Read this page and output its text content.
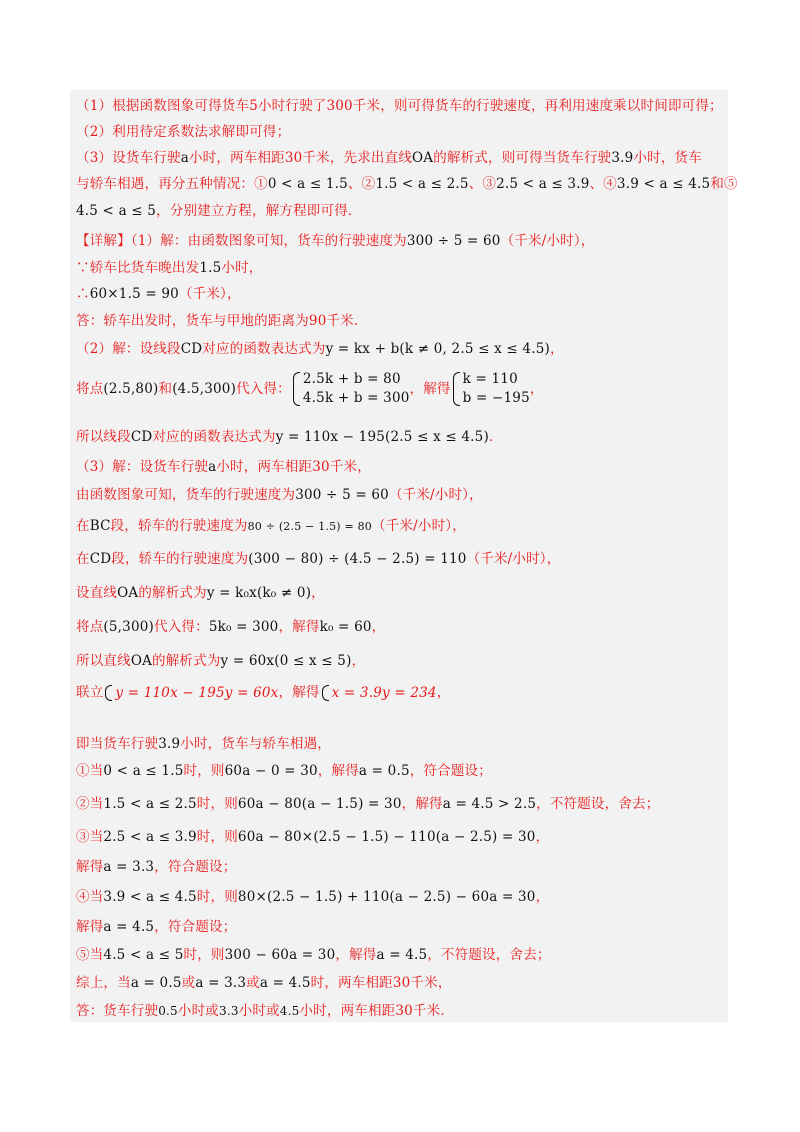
（1）根据函数图象可得货车5小时行驶了300千米，则可得货车的行驶速度，再利用速度乘以时间即可得；
（2）利用待定系数法求解即可得；
（3）设货车行驶a小时，两车相距30千米，先求出直线OA的解析式，则可得当货车行驶3.9小时，货车
与轿车相遇，再分五种情况：①0 < a ≤ 1.5、②1.5 < a ≤ 2.5、③2.5 < a ≤ 3.9、④3.9 < a ≤ 4.5和⑤
4.5 < a ≤ 5，分别建立方程，解方程即可得．
【详解】（1）解：由函数图象可知，货车的行驶速度为300 ÷ 5 = 60（千米/小时），
∵轿车比货车晚出发1.5小时，
∴60×1.5 = 90（千米），
答：轿车出发时，货车与甲地的距离为90千米．
（2）解：设线段CD对应的函数表达式为y = kx + b(k ≠ 0, 2.5 ≤ x ≤ 4.5)，
将点(2.5,80)和(4.5,300)代入得：
2.5k + b = 80
4.5k + b = 300
，解得
k = 110
b = −195
，
所以线段CD对应的函数表达式为y = 110x − 195(2.5 ≤ x ≤ 4.5)．
（3）解：设货车行驶a小时，两车相距30千米，
由函数图象可知，货车的行驶速度为300 ÷ 5 = 60（千米/小时），
在BC段，轿车的行驶速度为80 ÷ (2.5 − 1.5) = 80（千米/小时），
在CD段，轿车的行驶速度为(300 − 80) ÷ (4.5 − 2.5) = 110（千米/小时），
设直线OA的解析式为y = k₀x(k₀ ≠ 0)，
将点(5,300)代入得：5k₀ = 300，解得k₀ = 60，
所以直线OA的解析式为y = 60x(0 ≤ x ≤ 5)，
联立 y = 110x − 195y = 60x，解得 x = 3.9y = 234，
即当货车行驶3.9小时，货车与轿车相遇，
①当0 < a ≤ 1.5时，则60a − 0 = 30，解得a = 0.5，符合题设；
②当1.5 < a ≤ 2.5时，则60a − 80(a − 1.5) = 30，解得a = 4.5 > 2.5，不符题设，舍去；
③当2.5 < a ≤ 3.9时，则60a − 80×(2.5 − 1.5) − 110(a − 2.5) = 30，
解得a = 3.3，符合题设；
④当3.9 < a ≤ 4.5时，则80×(2.5 − 1.5) + 110(a − 2.5) − 60a = 30，
解得a = 4.5，符合题设；
⑤当4.5 < a ≤ 5时，则300 − 60a = 30，解得a = 4.5，不符题设，舍去；
综上，当a = 0.5或a = 3.3或a = 4.5时，两车相距30千米，
答：货车行驶0.5小时或3.3小时或4.5小时，两车相距30千米．
